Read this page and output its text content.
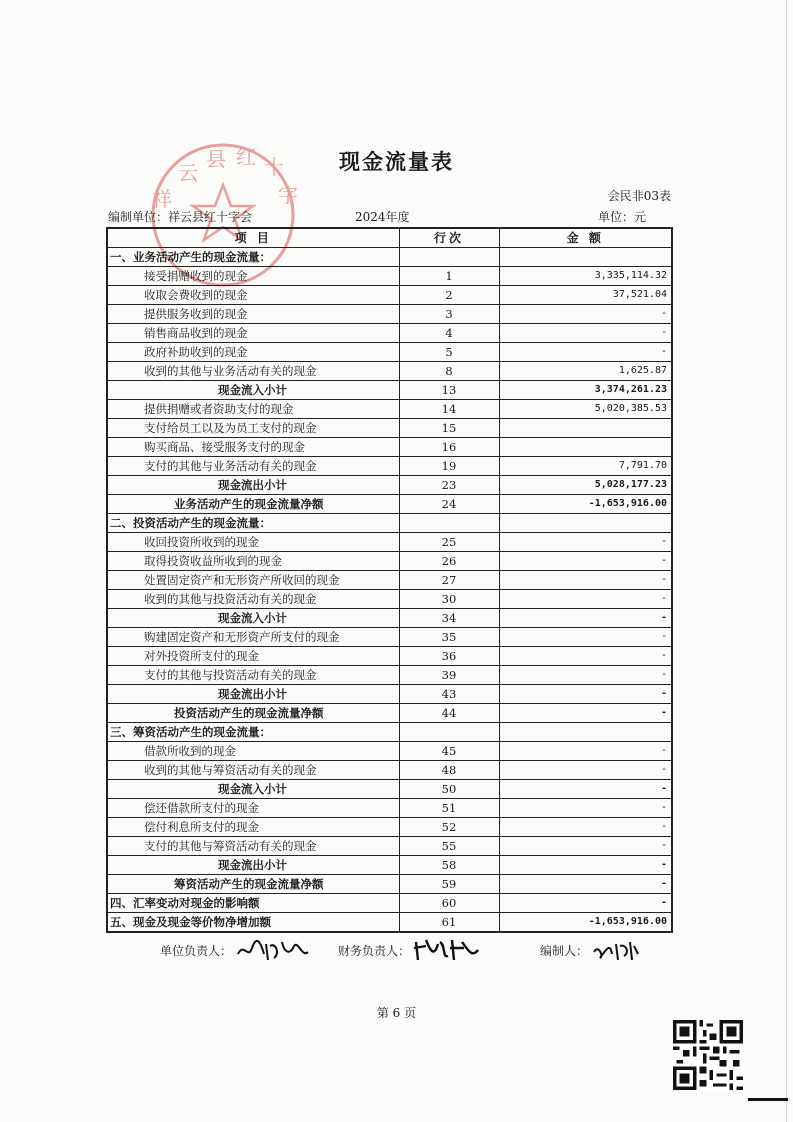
云
县 红 十
祥	字
现金流量表
会民非03表
编制单位：祥云县红十字会	2024年度	单位：元
项 目	行次	金 额
一、业务活动产生的现金流量：		
接受捐赠收到的现金	1	3,335,114.32
收取会费收到的现金	2	37,521.04
提供服务收到的现金	3	-
销售商品收到的现金	4	-
政府补助收到的现金	5	-
收到的其他与业务活动有关的现金	8	1,625.87
现金流入小计	13	3,374,261.23
提供捐赠或者资助支付的现金	14	5,020,385.53
支付给员工以及为员工支付的现金	15	
购买商品、接受服务支付的现金	16	
支付的其他与业务活动有关的现金	19	7,791.70
现金流出小计	23	5,028,177.23
业务活动产生的现金流量净额	24	-1,653,916.00
二、投资活动产生的现金流量：		
收回投资所收到的现金	25	-
取得投资收益所收到的现金	26	-
处置固定资产和无形资产所收回的现金	27	-
收到的其他与投资活动有关的现金	30	-
现金流入小计	34	-
购建固定资产和无形资产所支付的现金	35	-
对外投资所支付的现金	36	-
支付的其他与投资活动有关的现金	39	-
现金流出小计	43	-
投资活动产生的现金流量净额	44	-
三、筹资活动产生的现金流量：		
借款所收到的现金	45	-
收到的其他与筹资活动有关的现金	48	-
现金流入小计	50	-
偿还借款所支付的现金	51	-
偿付利息所支付的现金	52	-
支付的其他与筹资活动有关的现金	55	-
现金流出小计	58	-
筹资活动产生的现金流量净额	59	-
四、汇率变动对现金的影响额	60	-
五、现金及现金等价物净增加额	61	-1,653,916.00
单位负责人：	财务负责人：	编制人：
第 6 页
